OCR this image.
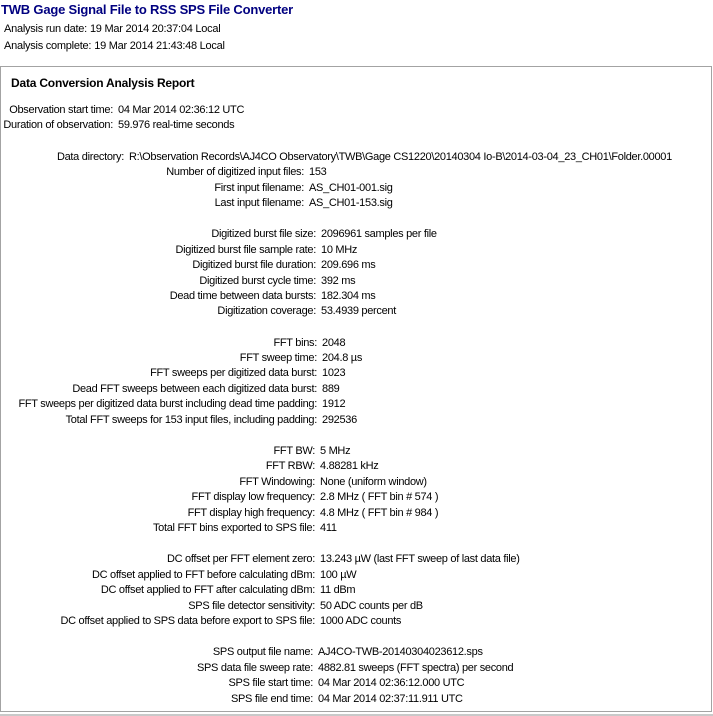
TWB Gage Signal File to RSS SPS File Converter
Analysis run date: 19 Mar 2014 20:37:04 Local
Analysis complete: 19 Mar 2014 21:43:48 Local
Data Conversion Analysis Report
Observation start time: 04 Mar 2014 02:36:12 UTC
Duration of observation: 59.976 real-time seconds
Data directory: R:\Observation Records\AJ4CO Observatory\TWB\Gage CS1220\20140304 Io-B\2014-03-04_23_CH01\Folder.00001
Number of digitized input files: 153
First input filename: AS_CH01-001.sig
Last input filename: AS_CH01-153.sig
Digitized burst file size: 2096961 samples per file
Digitized burst file sample rate: 10 MHz
Digitized burst file duration: 209.696 ms
Digitized burst cycle time: 392 ms
Dead time between data bursts: 182.304 ms
Digitization coverage: 53.4939 percent
FFT bins: 2048
FFT sweep time: 204.8 µs
FFT sweeps per digitized data burst: 1023
Dead FFT sweeps between each digitized data burst: 889
FFT sweeps per digitized data burst including dead time padding: 1912
Total FFT sweeps for 153 input files, including padding: 292536
FFT BW: 5 MHz
FFT RBW: 4.88281 kHz
FFT Windowing: None (uniform window)
FFT display low frequency: 2.8 MHz ( FFT bin # 574 )
FFT display high frequency: 4.8 MHz ( FFT bin # 984 )
Total FFT bins exported to SPS file: 411
DC offset per FFT element zero: 13.243 µW (last FFT sweep of last data file)
DC offset applied to FFT before calculating dBm: 100 µW
DC offset applied to FFT after calculating dBm: 11 dBm
SPS file detector sensitivity: 50 ADC counts per dB
DC offset applied to SPS data before export to SPS file: 1000 ADC counts
SPS output file name: AJ4CO-TWB-20140304023612.sps
SPS data file sweep rate: 4882.81 sweeps (FFT spectra) per second
SPS file start time: 04 Mar 2014 02:36:12.000 UTC
SPS file end time: 04 Mar 2014 02:37:11.911 UTC
